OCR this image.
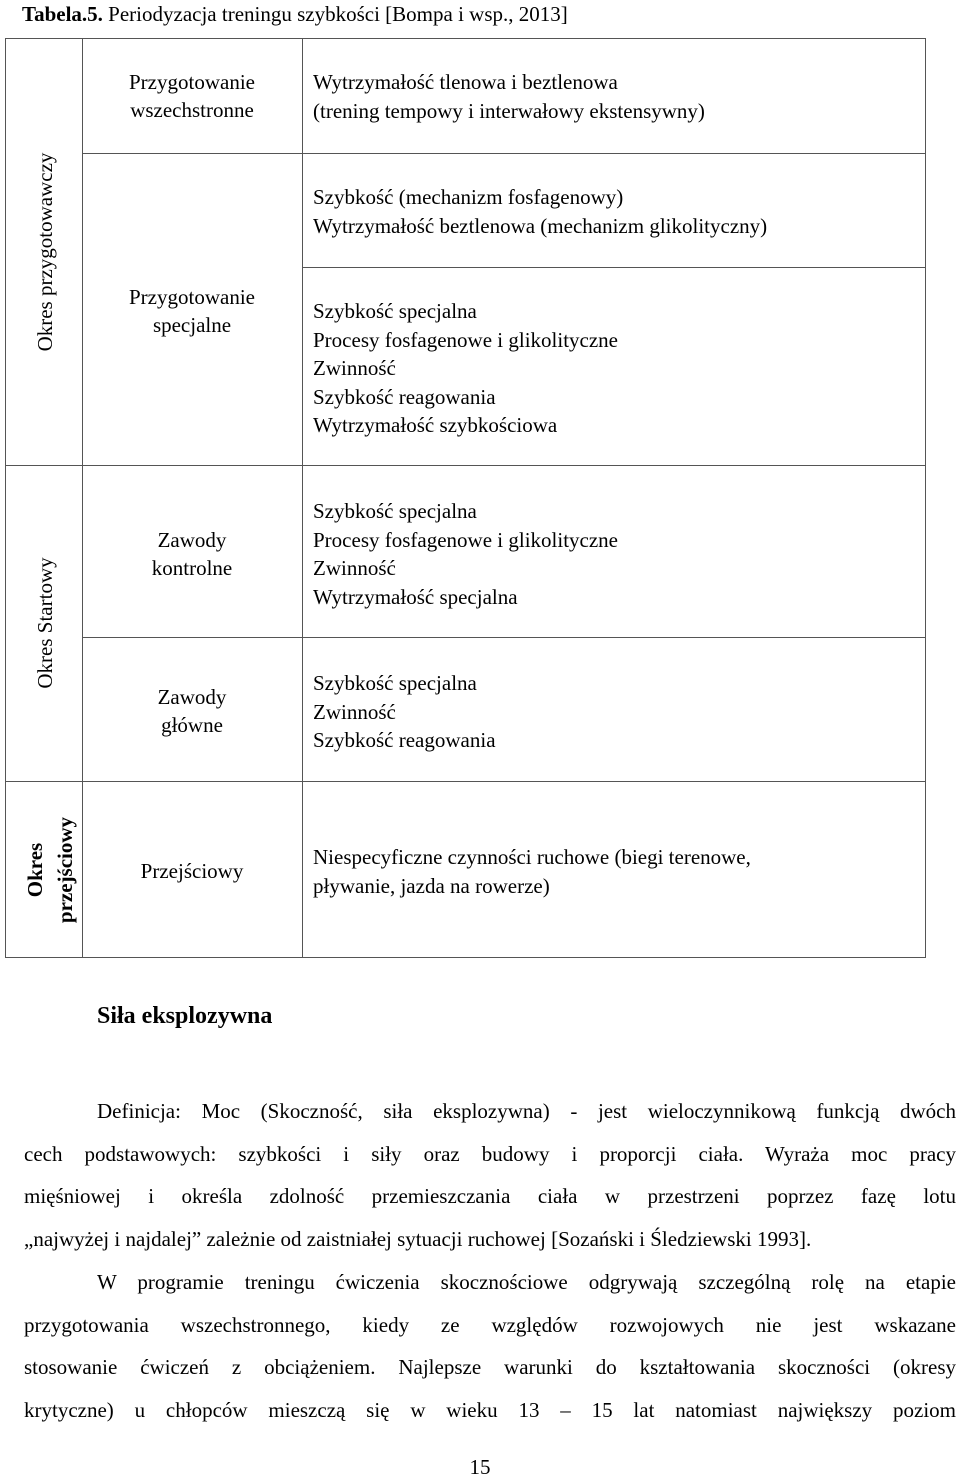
Tabela.5. Periodyzacja treningu szybkości [Bompa i wsp., 2013]
Okres przygotowawczy
Okres Startowy
Okres przejściowy
Przygotowanie
wszechstronne
Przygotowanie
specjalne
Zawody
kontrolne
Zawody
główne
Przejściowy
Wytrzymałość tlenowa i beztlenowa
(trening tempowy i interwałowy ekstensywny)
Szybkość (mechanizm fosfagenowy)
Wytrzymałość beztlenowa (mechanizm glikolityczny)
Szybkość specjalna
Procesy fosfagenowe i glikolityczne
Zwinność
Szybkość reagowania
Wytrzymałość szybkościowa
Szybkość specjalna
Procesy fosfagenowe i glikolityczne
Zwinność
Wytrzymałość specjalna
Szybkość specjalna
Zwinność
Szybkość reagowania
Niespecyficzne czynności ruchowe (biegi terenowe,
pływanie, jazda na rowerze)
Siła eksplozywna
Definicja: Moc (Skoczność, siła eksplozywna) - jest wieloczynnikową funkcją dwóch
cech podstawowych: szybkości i siły oraz budowy i proporcji ciała. Wyraża moc pracy
mięśniowej i określa zdolność przemieszczania ciała w przestrzeni poprzez fazę lotu
„najwyżej i najdalej” zależnie od zaistniałej sytuacji ruchowej [Sozański i Śledziewski 1993].
W programie treningu ćwiczenia skocznościowe odgrywają szczególną rolę na etapie
przygotowania wszechstronnego, kiedy ze względów rozwojowych nie jest wskazane
stosowanie ćwiczeń z obciążeniem. Najlepsze warunki do kształtowania skoczności (okresy
krytyczne) u chłopców mieszczą się w wieku 13 – 15 lat natomiast największy poziom
15
